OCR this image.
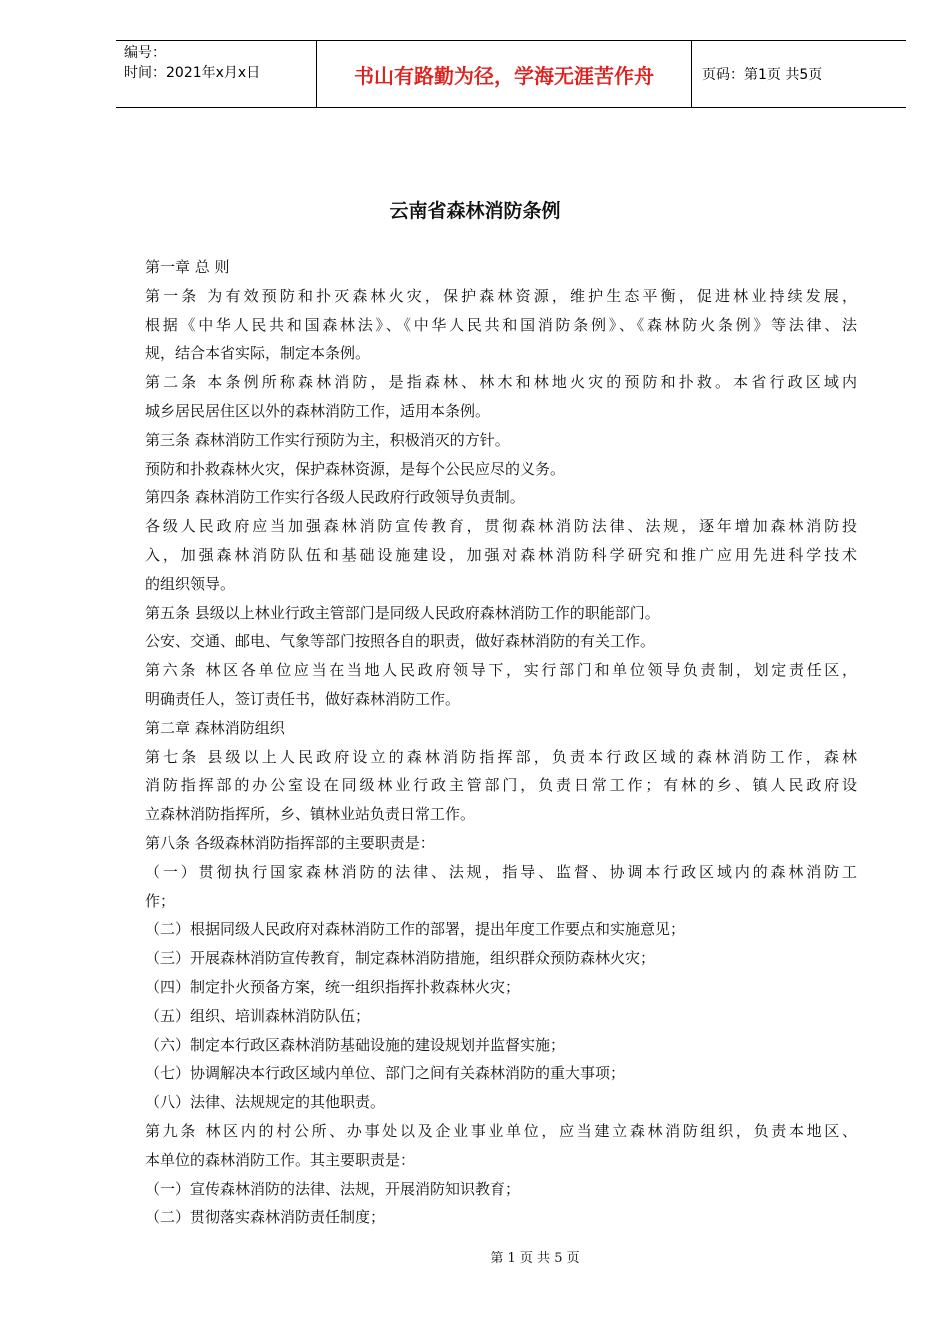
编号：
时间：2021年x月x日	书山有路勤为径，学海无涯苦作舟	页码：第1页 共5页
云南省森林消防条例
第一章 总 则
第一条 为有效预防和扑灭森林火灾，保护森林资源，维护生态平衡，促进林业持续发展，
根据《中华人民共和国森林法》、《中华人民共和国消防条例》、《森林防火条例》等法律、法
规，结合本省实际，制定本条例。
第二条 本条例所称森林消防，是指森林、林木和林地火灾的预防和扑救。本省行政区域内
城乡居民居住区以外的森林消防工作，适用本条例。
第三条 森林消防工作实行预防为主，积极消灭的方针。
预防和扑救森林火灾，保护森林资源，是每个公民应尽的义务。
第四条 森林消防工作实行各级人民政府行政领导负责制。
各级人民政府应当加强森林消防宣传教育，贯彻森林消防法律、法规，逐年增加森林消防投
入，加强森林消防队伍和基础设施建设，加强对森林消防科学研究和推广应用先进科学技术
的组织领导。
第五条 县级以上林业行政主管部门是同级人民政府森林消防工作的职能部门。
公安、交通、邮电、气象等部门按照各自的职责，做好森林消防的有关工作。
第六条 林区各单位应当在当地人民政府领导下，实行部门和单位领导负责制，划定责任区，
明确责任人，签订责任书，做好森林消防工作。
第二章 森林消防组织
第七条 县级以上人民政府设立的森林消防指挥部，负责本行政区域的森林消防工作，森林
消防指挥部的办公室设在同级林业行政主管部门，负责日常工作；有林的乡、镇人民政府设
立森林消防指挥所，乡、镇林业站负责日常工作。
第八条 各级森林消防指挥部的主要职责是：
（一）贯彻执行国家森林消防的法律、法规，指导、监督、协调本行政区域内的森林消防工
作；
（二）根据同级人民政府对森林消防工作的部署，提出年度工作要点和实施意见；
（三）开展森林消防宣传教育，制定森林消防措施，组织群众预防森林火灾；
（四）制定扑火预备方案，统一组织指挥扑救森林火灾；
（五）组织、培训森林消防队伍；
（六）制定本行政区森林消防基础设施的建设规划并监督实施；
（七）协调解决本行政区域内单位、部门之间有关森林消防的重大事项；
（八）法律、法规规定的其他职责。
第九条 林区内的村公所、办事处以及企业事业单位，应当建立森林消防组织，负责本地区、
本单位的森林消防工作。其主要职责是：
（一）宣传森林消防的法律、法规，开展消防知识教育；
（二）贯彻落实森林消防责任制度；
第 1 页 共 5 页
